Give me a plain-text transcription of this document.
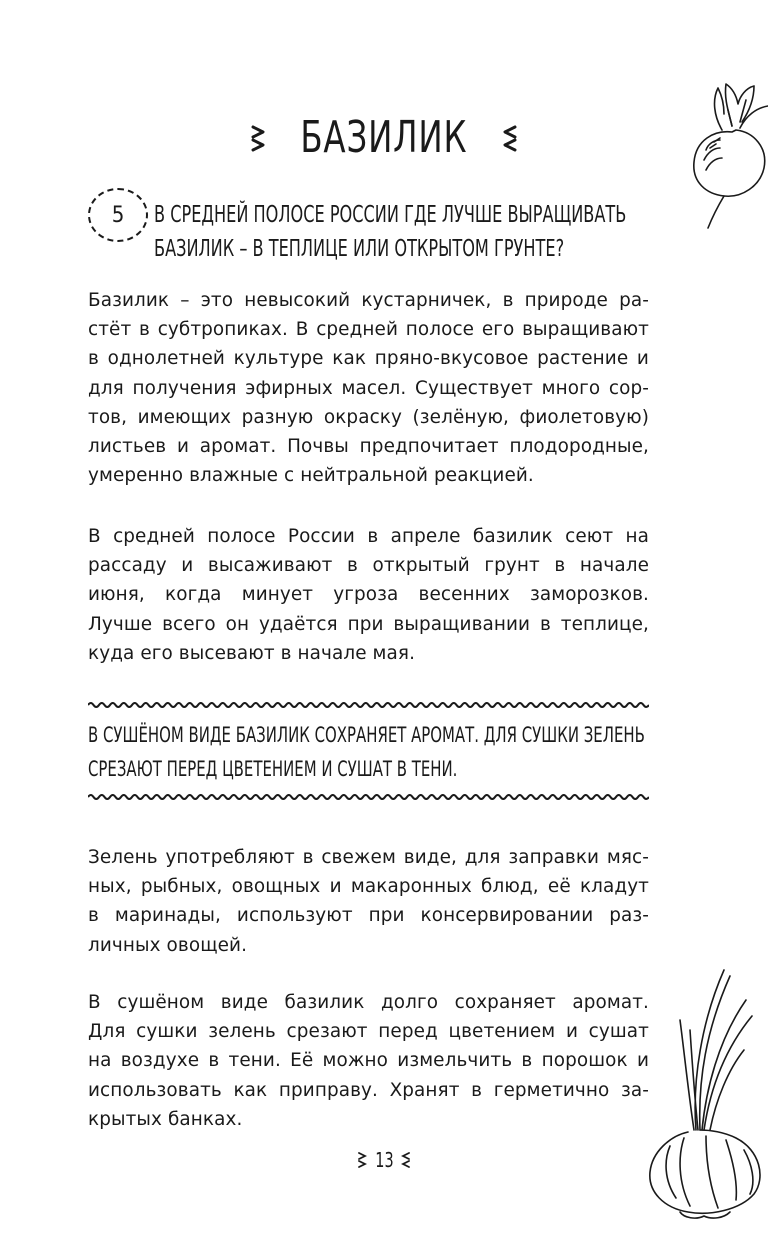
БАЗИЛИК
5	В СРЕДНЕЙ ПОЛОСЕ РОССИИ ГДЕ ЛУЧШЕ ВЫРАЩИВАТЬ
БАЗИЛИК – В ТЕПЛИЦЕ ИЛИ ОТКРЫТОМ ГРУНТЕ?
Базилик – это невысокий кустарничек, в природе ра-
стёт в субтропиках. В средней полосе его выращивают
в однолетней культуре как пряно-вкусовое растение и
для получения эфирных масел. Существует много сор-
тов, имеющих разную окраску (зелёную, фиолетовую)
листьев и аромат. Почвы предпочитает плодородные,
умеренно влажные с нейтральной реакцией.
В средней полосе России в апреле базилик сеют на
рассаду и высаживают в открытый грунт в начале
июня, когда минует угроза весенних заморозков.
Лучше всего он удаётся при выращивании в теплице,
куда его высевают в начале мая.
В СУШЁНОМ ВИДЕ БАЗИЛИК СОХРАНЯЕТ АРОМАТ. ДЛЯ СУШКИ ЗЕЛЕНЬ
СРЕЗАЮТ ПЕРЕД ЦВЕТЕНИЕМ И СУШАТ В ТЕНИ.
Зелень употребляют в свежем виде, для заправки мяс-
ных, рыбных, овощных и макаронных блюд, её кладут
в маринады, используют при консервировании раз-
личных овощей.
В сушёном виде базилик долго сохраняет аромат.
Для сушки зелень срезают перед цветением и сушат
на воздухе в тени. Её можно измельчить в порошок и
использовать как приправу. Хранят в герметично за-
крытых банках.
13
